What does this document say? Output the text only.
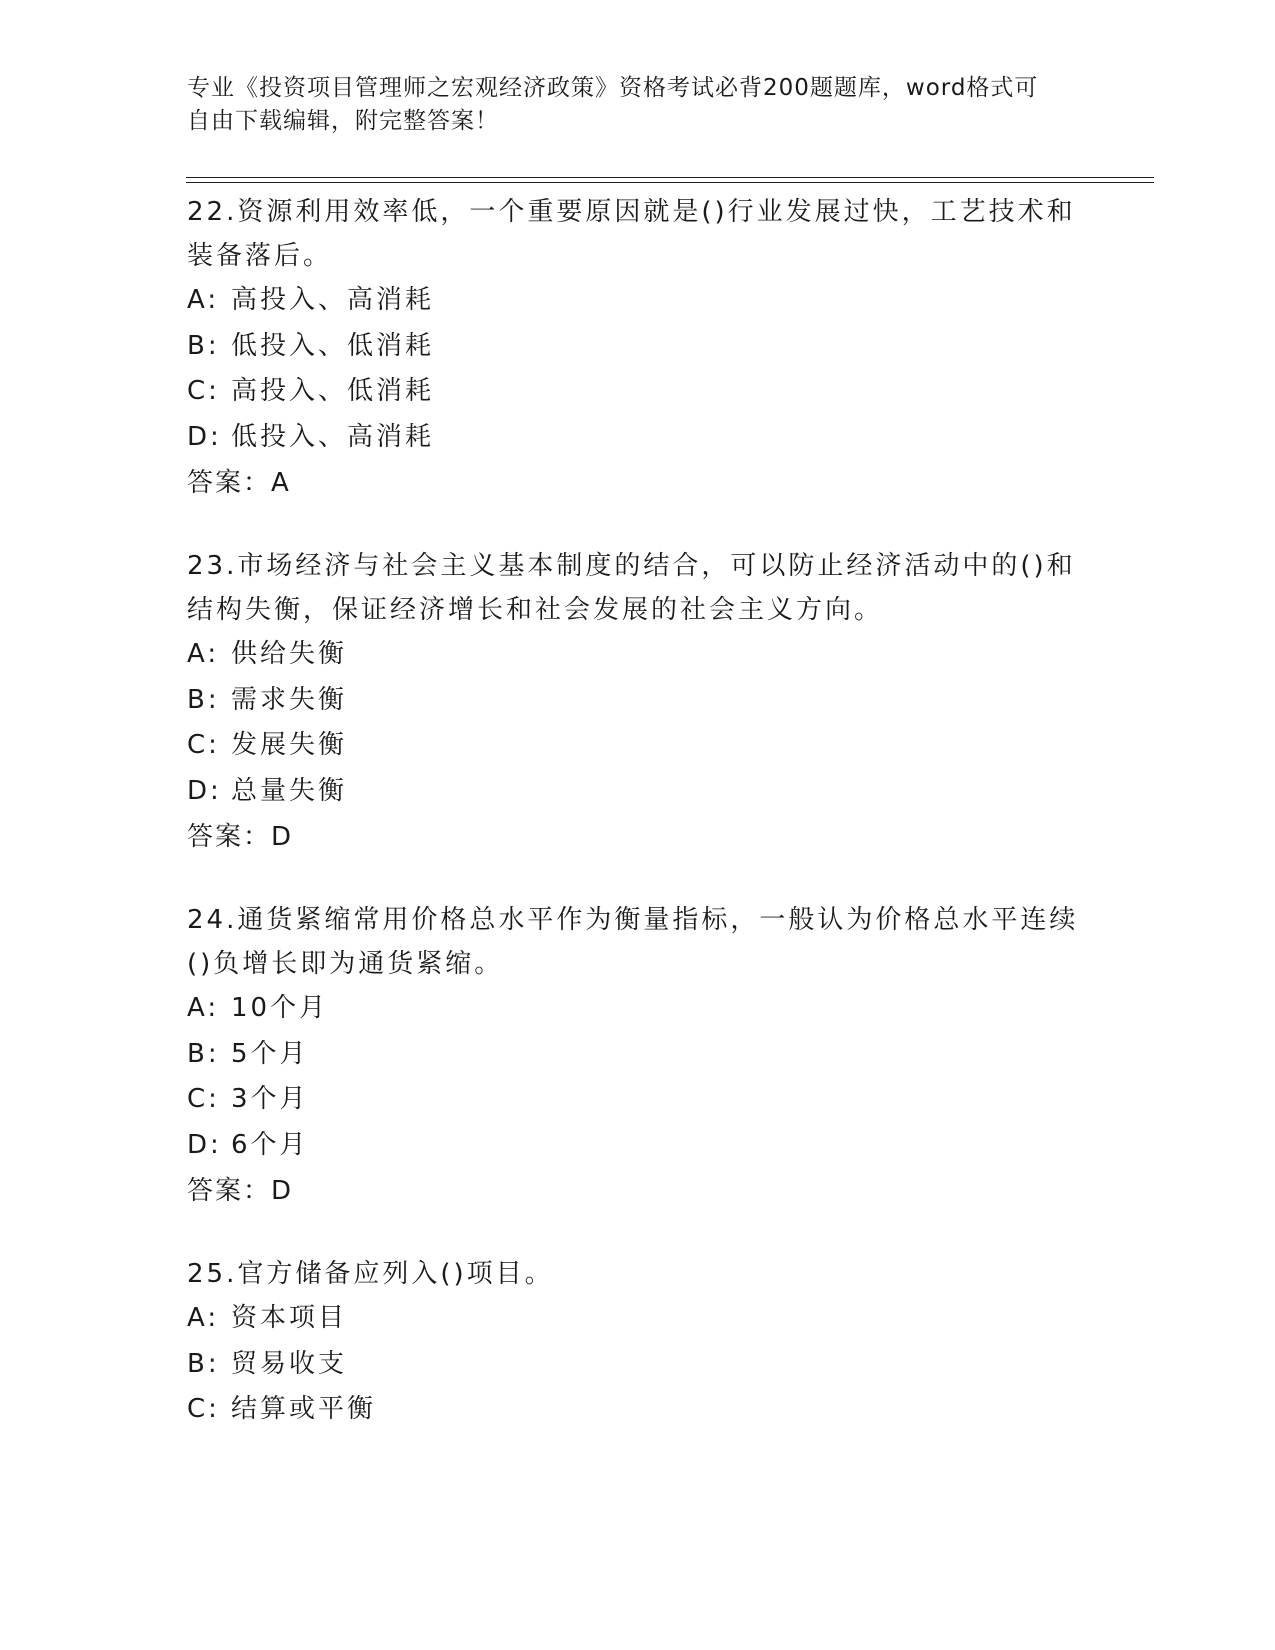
专业《投资项目管理师之宏观经济政策》资格考试必背200题题库，word格式可
自由下载编辑，附完整答案！
22.资源利用效率低，一个重要原因就是()行业发展过快，工艺技术和
装备落后。
A: 高投入、高消耗
B: 低投入、低消耗
C: 高投入、低消耗
D: 低投入、高消耗
答案：A
23.市场经济与社会主义基本制度的结合，可以防止经济活动中的()和
结构失衡，保证经济增长和社会发展的社会主义方向。
A: 供给失衡
B: 需求失衡
C: 发展失衡
D: 总量失衡
答案：D
24.通货紧缩常用价格总水平作为衡量指标，一般认为价格总水平连续
()负增长即为通货紧缩。
A: 10个月
B: 5个月
C: 3个月
D: 6个月
答案：D
25.官方储备应列入()项目。
A: 资本项目
B: 贸易收支
C: 结算或平衡
